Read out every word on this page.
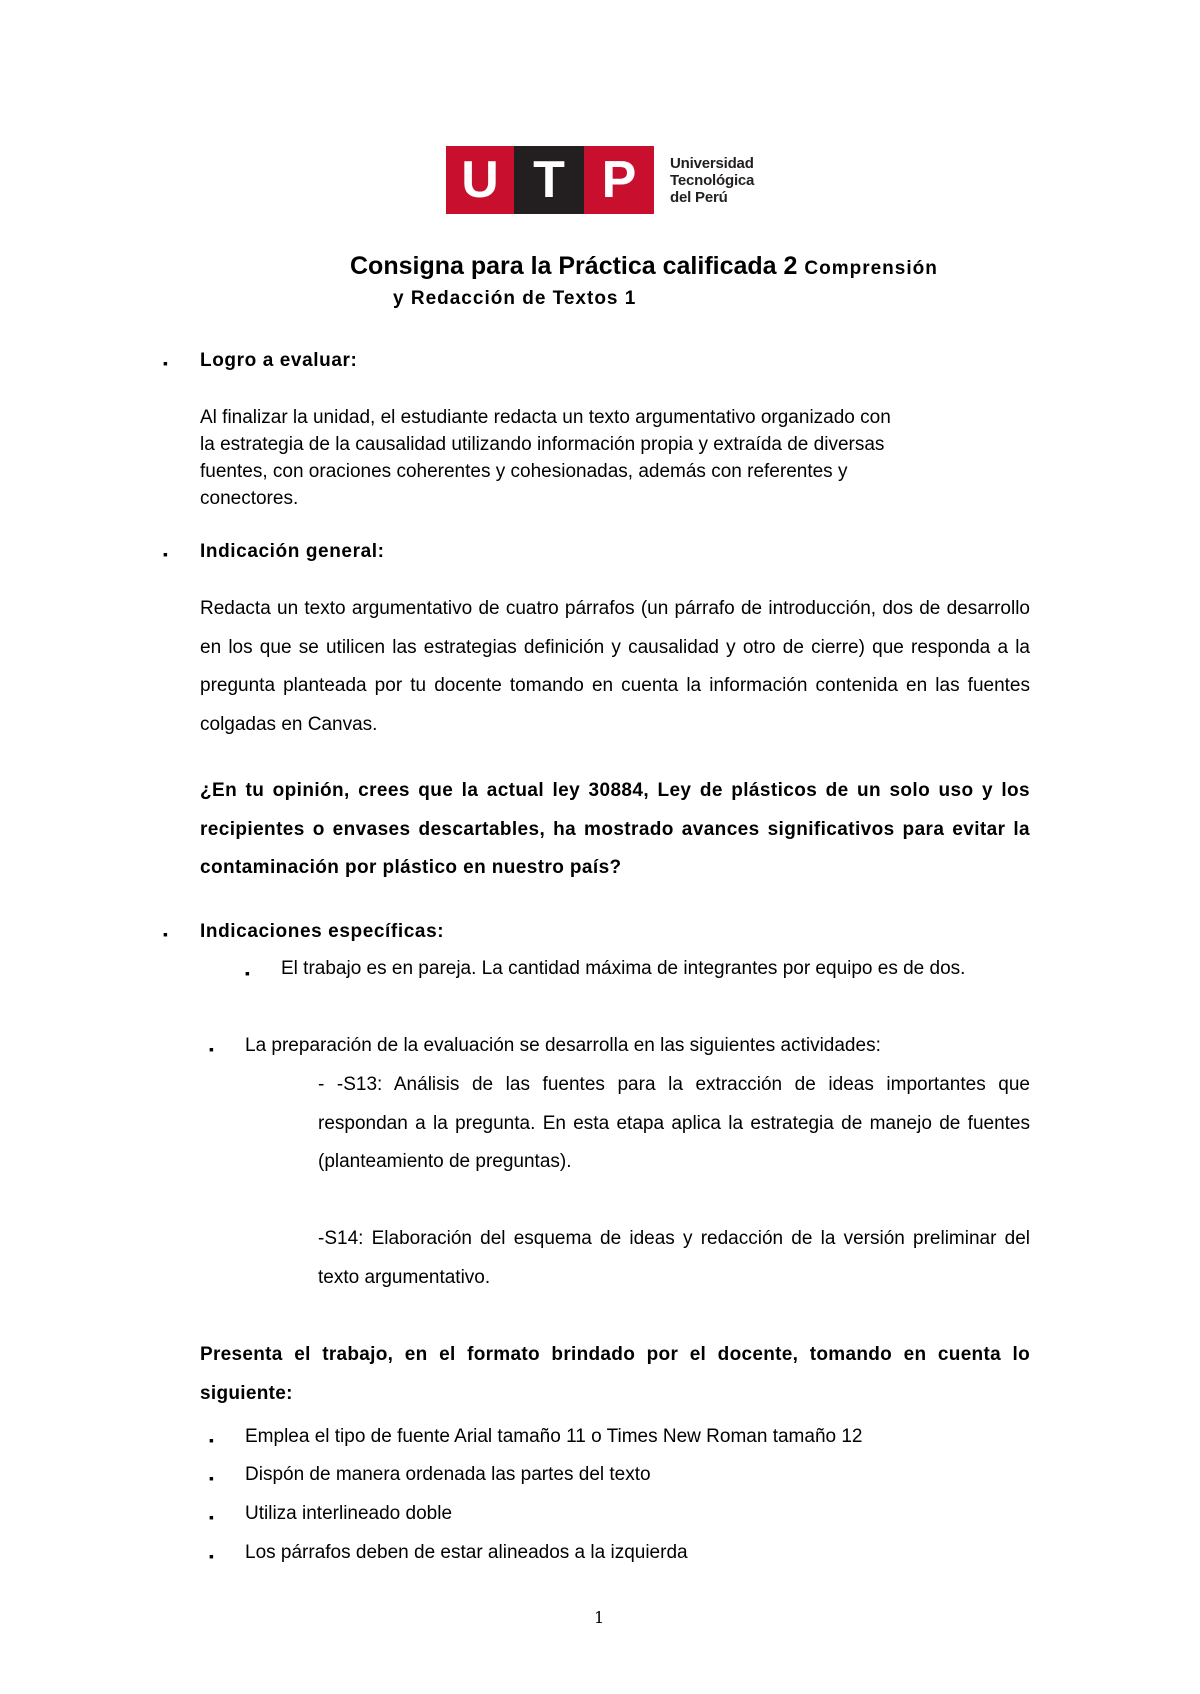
U T P	Universidad
Tecnológica
del Perú
Consigna para la Práctica calificada 2 Comprensión
y Redacción de Textos 1
▪ Logro a evaluar:
Al finalizar la unidad, el estudiante redacta un texto argumentativo organizado con
la estrategia de la causalidad utilizando información propia y extraída de diversas
fuentes, con oraciones coherentes y cohesionadas, además con referentes y
conectores.
▪ Indicación general:
Redacta un texto argumentativo de cuatro párrafos (un párrafo de introducción, dos de desarrollo en los que se utilicen las estrategias definición y causalidad y otro de cierre) que responda a la pregunta planteada por tu docente tomando en cuenta la información contenida en las fuentes colgadas en Canvas.
¿En tu opinión, crees que la actual ley 30884, Ley de plásticos de un solo uso y los recipientes o envases descartables, ha mostrado avances significativos para evitar la contaminación por plástico en nuestro país?
▪ Indicaciones específicas:
▪ El trabajo es en pareja. La cantidad máxima de integrantes por equipo es de dos.
▪ La preparación de la evaluación se desarrolla en las siguientes actividades:
- -S13: Análisis de las fuentes para la extracción de ideas importantes que respondan a la pregunta. En esta etapa aplica la estrategia de manejo de fuentes (planteamiento de preguntas).
-S14: Elaboración del esquema de ideas y redacción de la versión preliminar del texto argumentativo.
Presenta el trabajo, en el formato brindado por el docente, tomando en cuenta lo siguiente:
▪ Emplea el tipo de fuente Arial tamaño 11 o Times New Roman tamaño 12
▪ Dispón de manera ordenada las partes del texto
▪ Utiliza interlineado doble
▪ Los párrafos deben de estar alineados a la izquierda
1
